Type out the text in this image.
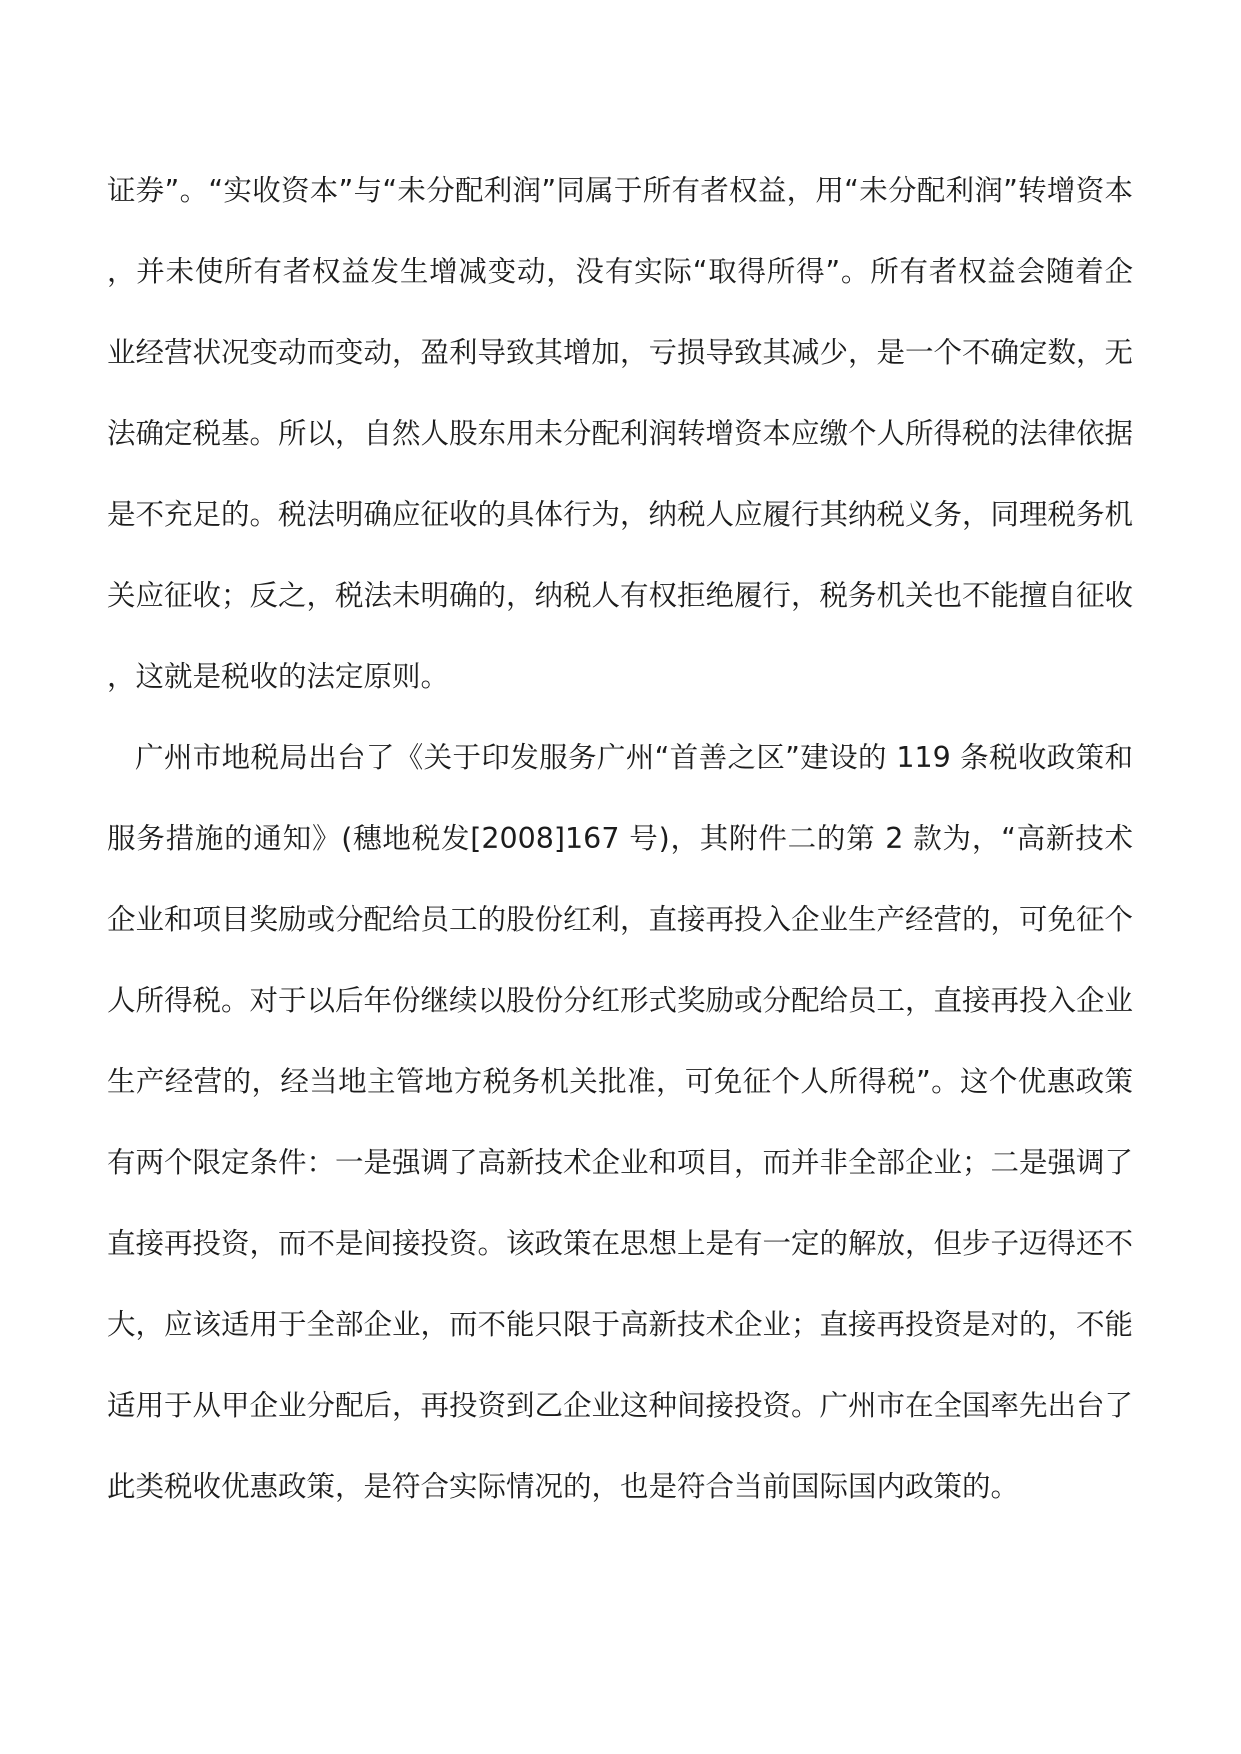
证券”。“实收资本”与“未分配利润”同属于所有者权益，用“未分配利润”转增资本，并未使所有者权益发生增减变动，没有实际“取得所得”。所有者权益会随着企业经营状况变动而变动，盈利导致其增加，亏损导致其减少，是一个不确定数，无法确定税基。所以，自然人股东用未分配利润转增资本应缴个人所得税的法律依据是不充足的。税法明确应征收的具体行为，纳税人应履行其纳税义务，同理税务机关应征收；反之，税法未明确的，纳税人有权拒绝履行，税务机关也不能擅自征收，这就是税收的法定原则。

广州市地税局出台了《关于印发服务广州“首善之区”建设的 119 条税收政策和服务措施的通知》(穗地税发[2008]167 号)，其附件二的第 2 款为，“高新技术企业和项目奖励或分配给员工的股份红利，直接再投入企业生产经营的，可免征个人所得税。对于以后年份继续以股份分红形式奖励或分配给员工，直接再投入企业生产经营的，经当地主管地方税务机关批准，可免征个人所得税”。这个优惠政策有两个限定条件：一是强调了高新技术企业和项目，而并非全部企业；二是强调了直接再投资，而不是间接投资。该政策在思想上是有一定的解放，但步子迈得还不大，应该适用于全部企业，而不能只限于高新技术企业；直接再投资是对的，不能适用于从甲企业分配后，再投资到乙企业这种间接投资。广州市在全国率先出台了此类税收优惠政策，是符合实际情况的，也是符合当前国际国内政策的。
